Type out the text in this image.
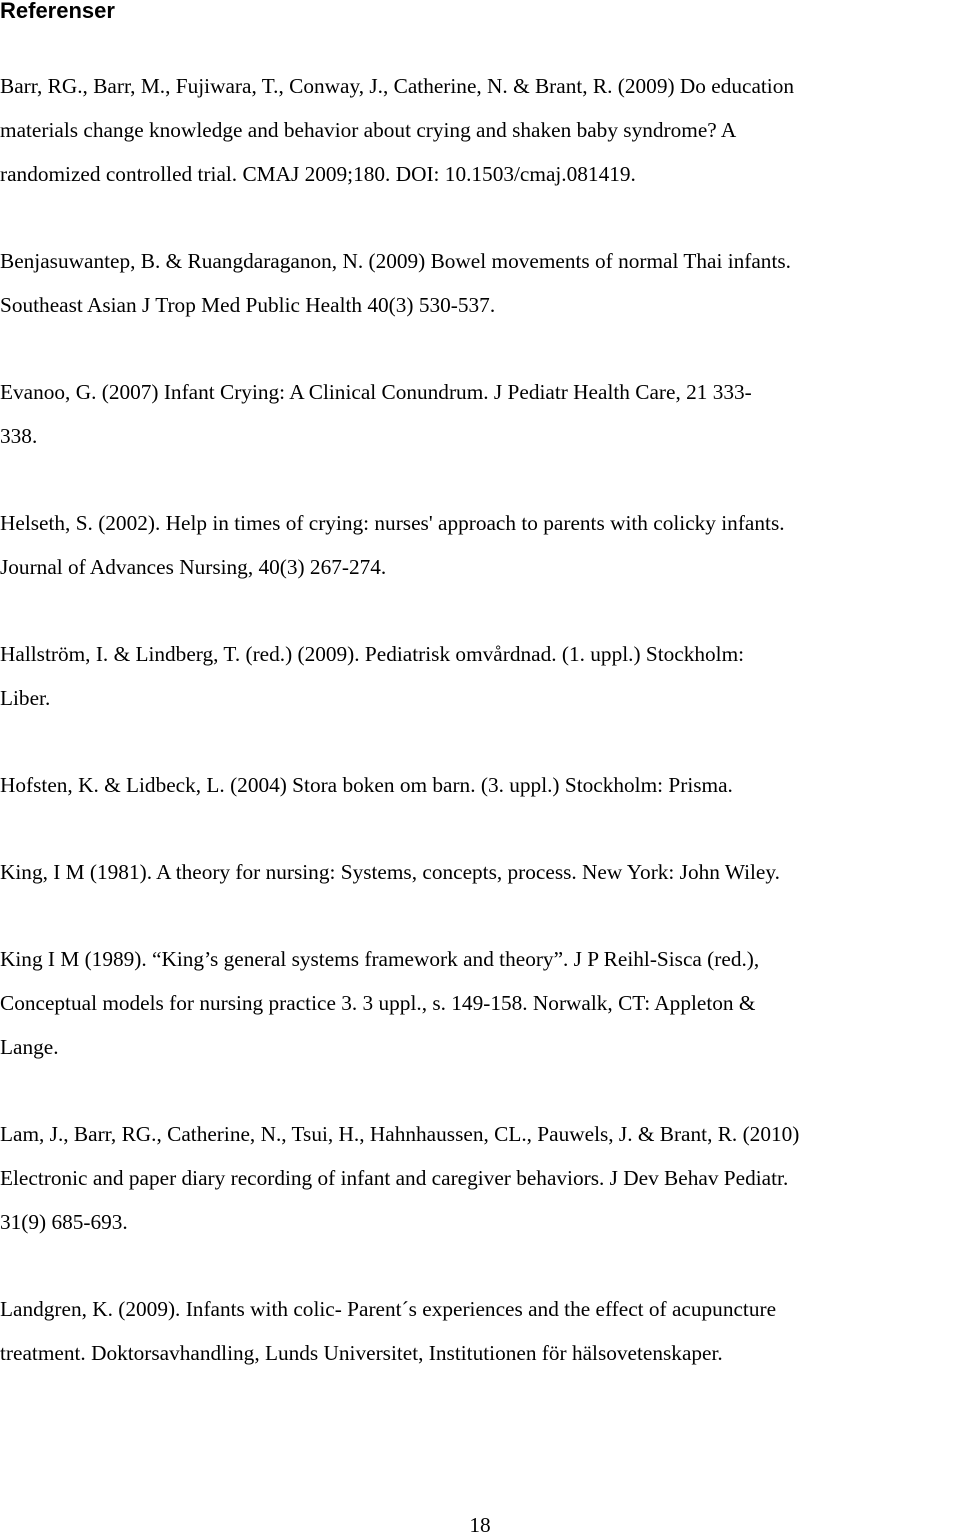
Referenser
Barr, RG., Barr, M., Fujiwara, T., Conway, J., Catherine, N. & Brant, R. (2009) Do education
materials change knowledge and behavior about crying and shaken baby syndrome? A
randomized controlled trial. CMAJ 2009;180. DOI: 10.1503/cmaj.081419.
Benjasuwantep, B. & Ruangdaraganon, N. (2009) Bowel movements of normal Thai infants.
Southeast Asian J Trop Med Public Health 40(3) 530-537.
Evanoo, G. (2007) Infant Crying: A Clinical Conundrum. J Pediatr Health Care, 21 333-
338.
Helseth, S. (2002). Help in times of crying: nurses' approach to parents with colicky infants.
Journal of Advances Nursing, 40(3) 267-274.
Hallström, I. & Lindberg, T. (red.) (2009). Pediatrisk omvårdnad. (1. uppl.) Stockholm:
Liber.
Hofsten, K. & Lidbeck, L. (2004) Stora boken om barn. (3. uppl.) Stockholm: Prisma.
King, I M (1981). A theory for nursing: Systems, concepts, process. New York: John Wiley.
King I M (1989). “King’s general systems framework and theory”. J P Reihl-Sisca (red.),
Conceptual models for nursing practice 3. 3 uppl., s. 149-158. Norwalk, CT: Appleton &
Lange.
Lam, J., Barr, RG., Catherine, N., Tsui, H., Hahnhaussen, CL., Pauwels, J. & Brant, R. (2010)
Electronic and paper diary recording of infant and caregiver behaviors. J Dev Behav Pediatr.
31(9) 685-693.
Landgren, K. (2009). Infants with colic- Parent´s experiences and the effect of acupuncture
treatment. Doktorsavhandling, Lunds Universitet, Institutionen för hälsovetenskaper.
18
